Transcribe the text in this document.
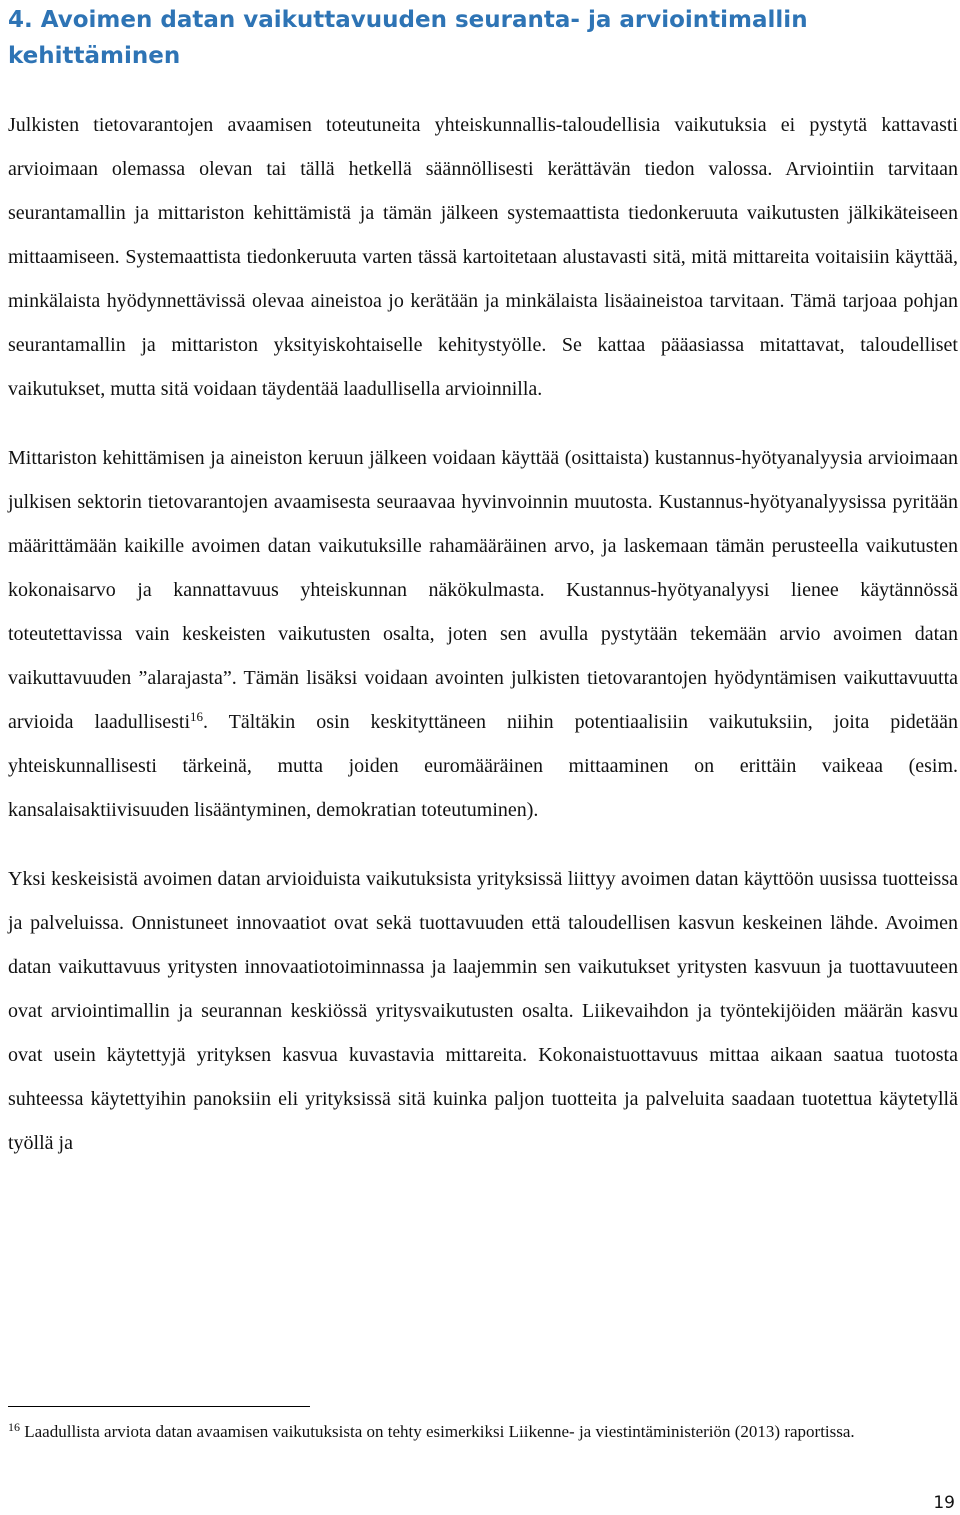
4. Avoimen datan vaikuttavuuden seuranta- ja arviointimallin
kehittäminen

Julkisten tietovarantojen avaamisen toteutuneita yhteiskunnallis-taloudellisia vaikutuksia ei pystytä kattavasti arvioimaan olemassa olevan tai tällä hetkellä säännöllisesti kerättävän tiedon valossa. Arviointiin tarvitaan seurantamallin ja mittariston kehittämistä ja tämän jälkeen systemaattista tiedonkeruuta vaikutusten jälkikäteiseen mittaamiseen. Systemaattista tiedonkeruuta varten tässä kartoitetaan alustavasti sitä, mitä mittareita voitaisiin käyttää, minkälaista hyödynnettävissä olevaa aineistoa jo kerätään ja minkälaista lisäaineistoa tarvitaan. Tämä tarjoaa pohjan seurantamallin ja mittariston yksityiskohtaiselle kehitystyölle. Se kattaa pääasiassa mitattavat, taloudelliset vaikutukset, mutta sitä voidaan täydentää laadullisella arvioinnilla.

Mittariston kehittämisen ja aineiston keruun jälkeen voidaan käyttää (osittaista) kustannus-hyötyanalyysia arvioimaan julkisen sektorin tietovarantojen avaamisesta seuraavaa hyvinvoinnin muutosta. Kustannus-hyötyanalyysissa pyritään määrittämään kaikille avoimen datan vaikutuksille rahamääräinen arvo, ja laskemaan tämän perusteella vaikutusten kokonaisarvo ja kannattavuus yhteiskunnan näkökulmasta. Kustannus-hyötyanalyysi lienee käytännössä toteutettavissa vain keskeisten vaikutusten osalta, joten sen avulla pystytään tekemään arvio avoimen datan vaikuttavuuden ”alarajasta”. Tämän lisäksi voidaan avointen julkisten tietovarantojen hyödyntämisen vaikuttavuutta arvioida laadullisesti$^{16}$. Tältäkin osin keskityttäneen niihin potentiaalisiin vaikutuksiin, joita pidetään yhteiskunnallisesti tärkeinä, mutta joiden euromääräinen mittaaminen on erittäin vaikeaa (esim. kansalaisaktiivisuuden lisääntyminen, demokratian toteutuminen).

Yksi keskeisistä avoimen datan arvioiduista vaikutuksista yrityksissä liittyy avoimen datan käyttöön uusissa tuotteissa ja palveluissa. Onnistuneet innovaatiot ovat sekä tuottavuuden että taloudellisen kasvun keskeinen lähde. Avoimen datan vaikuttavuus yritysten innovaatiotoiminnassa ja laajemmin sen vaikutukset yritysten kasvuun ja tuottavuuteen ovat arviointimallin ja seurannan keskiössä yritysvaikutusten osalta. Liikevaihdon ja työntekijöiden määrän kasvu ovat usein käytettyjä yrityksen kasvua kuvastavia mittareita. Kokonaistuottavuus mittaa aikaan saatua tuotosta suhteessa käytettyihin panoksiin eli yrityksissä sitä kuinka paljon tuotteita ja palveluita saadaan tuotettua käytetyllä työllä ja

$^{16}$ Laadullista arviota datan avaamisen vaikutuksista on tehty esimerkiksi Liikenne- ja viestintäministeriön (2013) raportissa.

19
